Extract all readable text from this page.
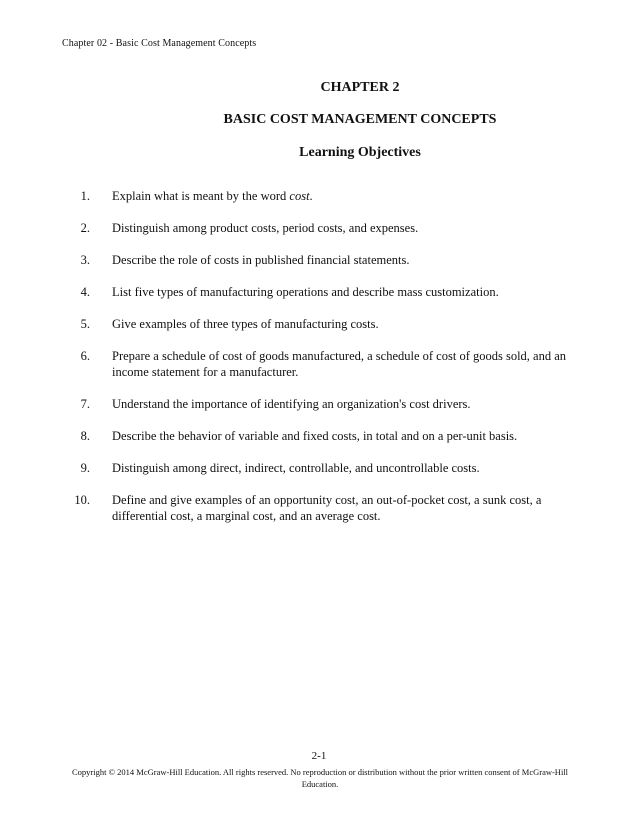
Chapter 02 - Basic Cost Management Concepts
CHAPTER 2
BASIC COST MANAGEMENT CONCEPTS
Learning Objectives
1. Explain what is meant by the word cost.
2. Distinguish among product costs, period costs, and expenses.
3. Describe the role of costs in published financial statements.
4. List five types of manufacturing operations and describe mass customization.
5. Give examples of three types of manufacturing costs.
6. Prepare a schedule of cost of goods manufactured, a schedule of cost of goods sold, and an income statement for a manufacturer.
7. Understand the importance of identifying an organization's cost drivers.
8. Describe the behavior of variable and fixed costs, in total and on a per-unit basis.
9. Distinguish among direct, indirect, controllable, and uncontrollable costs.
10. Define and give examples of an opportunity cost, an out-of-pocket cost, a sunk cost, a differential cost, a marginal cost, and an average cost.
2-1
Copyright © 2014 McGraw-Hill Education. All rights reserved. No reproduction or distribution without the prior written consent of McGraw-Hill Education.
